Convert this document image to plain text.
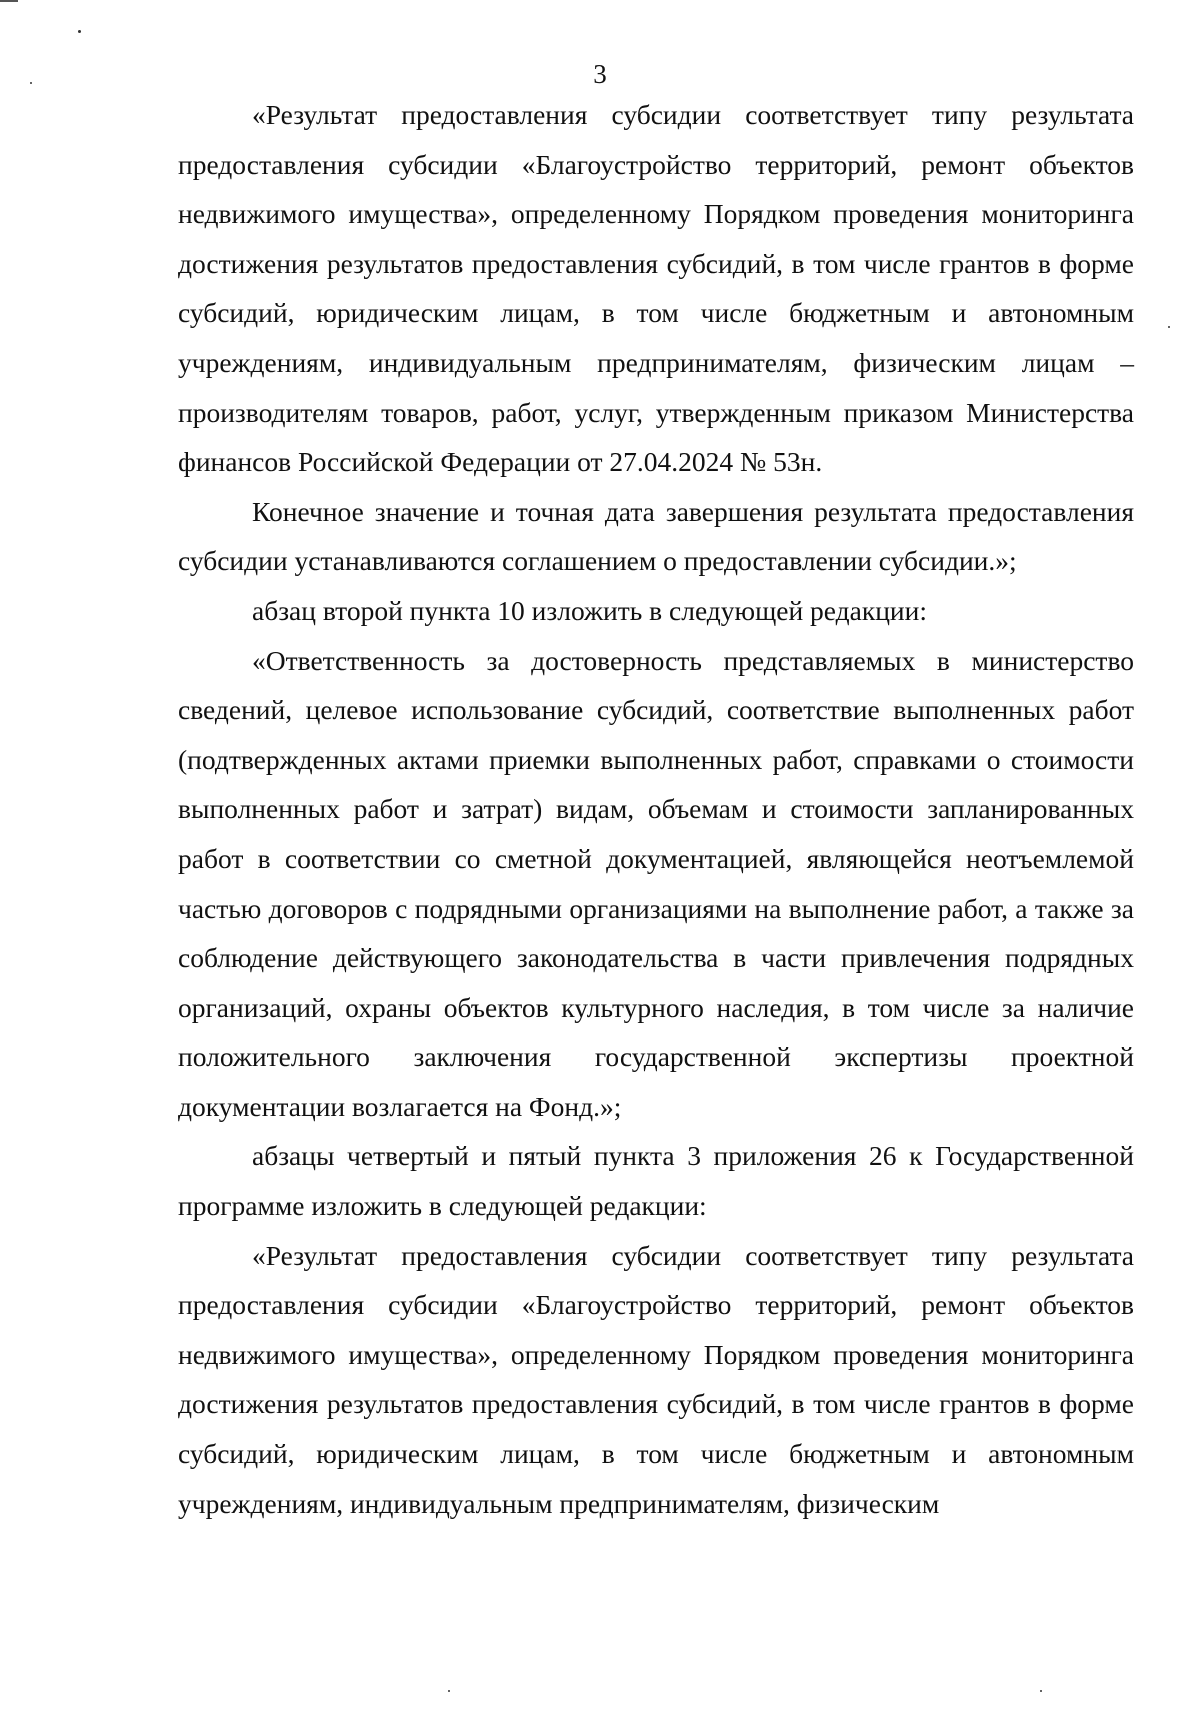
3

«Результат предоставления субсидии соответствует типу результата предоставления субсидии «Благоустройство территорий, ремонт объектов недвижимого имущества», определенному Порядком проведения мониторинга достижения результатов предоставления субсидий, в том числе грантов в форме субсидий, юридическим лицам, в том числе бюджетным и автономным учреждениям, индивидуальным предпринимателям, физическим лицам – производителям товаров, работ, услуг, утвержденным приказом Министерства финансов Российской Федерации от 27.04.2024 № 53н.

Конечное значение и точная дата завершения результата предоставления субсидии устанавливаются соглашением о предоставлении субсидии.»;

абзац второй пункта 10 изложить в следующей редакции:

«Ответственность за достоверность представляемых в министерство сведений, целевое использование субсидий, соответствие выполненных работ (подтвержденных актами приемки выполненных работ, справками о стоимости выполненных работ и затрат) видам, объемам и стоимости запланированных работ в соответствии со сметной документацией, являющейся неотъемлемой частью договоров с подрядными организациями на выполнение работ, а также за соблюдение действующего законодательства в части привлечения подрядных организаций, охраны объектов культурного наследия, в том числе за наличие положительного заключения государственной экспертизы проектной документации возлагается на Фонд.»;

абзацы четвертый и пятый пункта 3 приложения 26 к Государственной программе изложить в следующей редакции:

«Результат предоставления субсидии соответствует типу результата предоставления субсидии «Благоустройство территорий, ремонт объектов недвижимого имущества», определенному Порядком проведения мониторинга достижения результатов предоставления субсидий, в том числе грантов в форме субсидий, юридическим лицам, в том числе бюджетным и автономным учреждениям, индивидуальным предпринимателям, физическим
